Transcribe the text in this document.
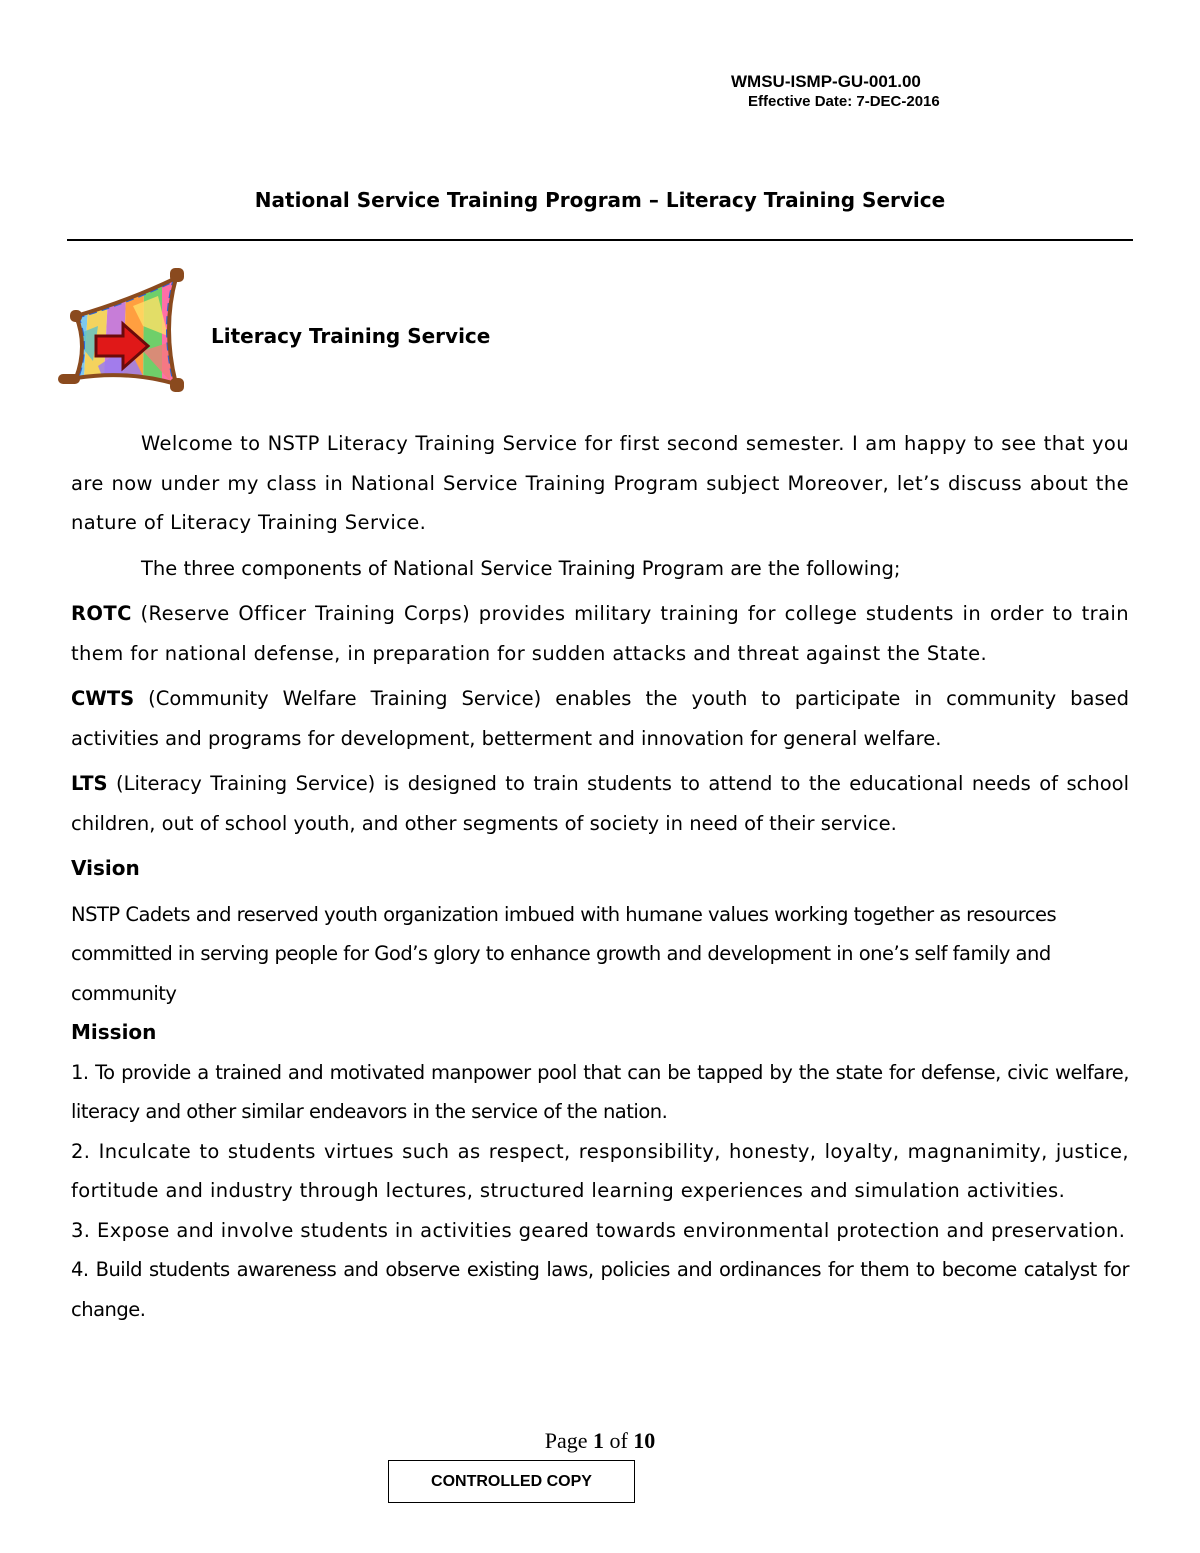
WMSU-ISMP-GU-001.00
Effective Date: 7-DEC-2016
National Service Training Program – Literacy Training Service
Literacy Training Service

Welcome to NSTP Literacy Training Service for first second semester. I am happy to see that you are now under my class in National Service Training Program subject Moreover, let’s discuss about the nature of Literacy Training Service.

The three components of National Service Training Program are the following;

ROTC (Reserve Officer Training Corps) provides military training for college students in order to train them for national defense, in preparation for sudden attacks and threat against the State.

CWTS (Community Welfare Training Service) enables the youth to participate in community based activities and programs for development, betterment and innovation for general welfare.

LTS (Literacy Training Service) is designed to train students to attend to the educational needs of school children, out of school youth, and other segments of society in need of their service.

Vision

NSTP Cadets and reserved youth organization imbued with humane values working together as resources committed in serving people for God’s glory to enhance growth and development in one’s self family and community

Mission

1. To provide a trained and motivated manpower pool that can be tapped by the state for defense, civic welfare, literacy and other similar endeavors in the service of the nation.

2. Inculcate to students virtues such as respect, responsibility, honesty, loyalty, magnanimity, justice, fortitude and industry through lectures, structured learning experiences and simulation activities.

3. Expose and involve students in activities geared towards environmental protection and preservation.

4. Build students awareness and observe existing laws, policies and ordinances for them to become catalyst for change.

Page 1 of 10
CONTROLLED COPY
